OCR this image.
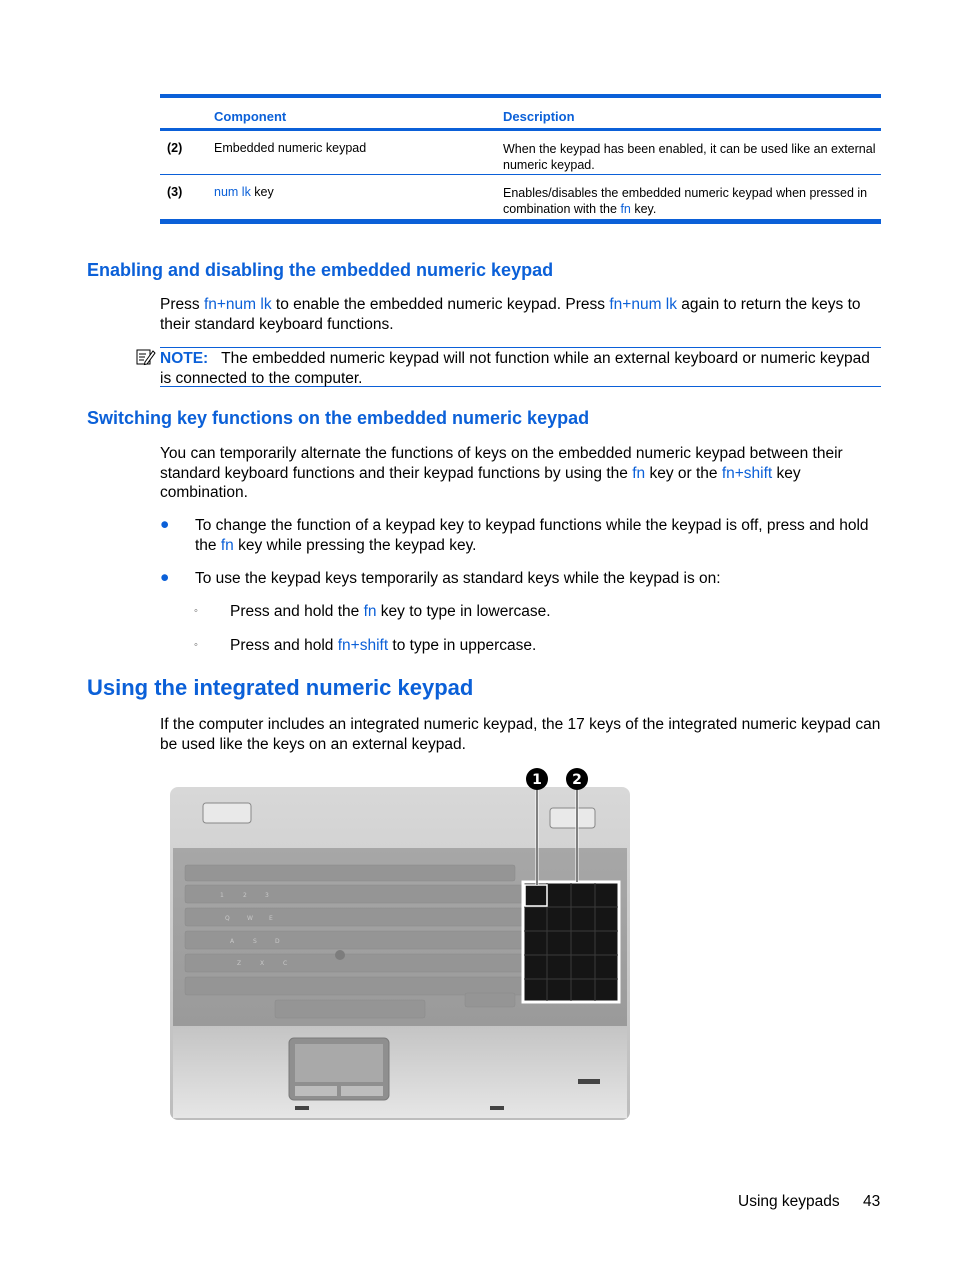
Component	Description
(2)	Embedded numeric keypad	When the keypad has been enabled, it can be used like an external numeric keypad.
(3)	num lk key	Enables/disables the embedded numeric keypad when pressed in combination with the fn key.
Enabling and disabling the embedded numeric keypad

Press fn+num lk to enable the embedded numeric keypad. Press fn+num lk again to return the keys to their standard keyboard functions.

NOTE: The embedded numeric keypad will not function while an external keyboard or numeric keypad is connected to the computer.

Switching key functions on the embedded numeric keypad

You can temporarily alternate the functions of keys on the embedded numeric keypad between their standard keyboard functions and their keypad functions by using the fn key or the fn+shift key combination.

● To change the function of a keypad key to keypad functions while the keypad is off, press and hold the fn key while pressing the keypad key.

● To use the keypad keys temporarily as standard keys while the keypad is on:

◦ Press and hold the fn key to type in lowercase.

◦ Press and hold fn+shift to type in uppercase.

Using the integrated numeric keypad

If the computer includes an integrated numeric keypad, the 17 keys of the integrated numeric keypad can be used like the keys on an external keypad.

1	2	3
Q	W	E
A	S	D
Z	X	C
1 2
Using keypads 43
